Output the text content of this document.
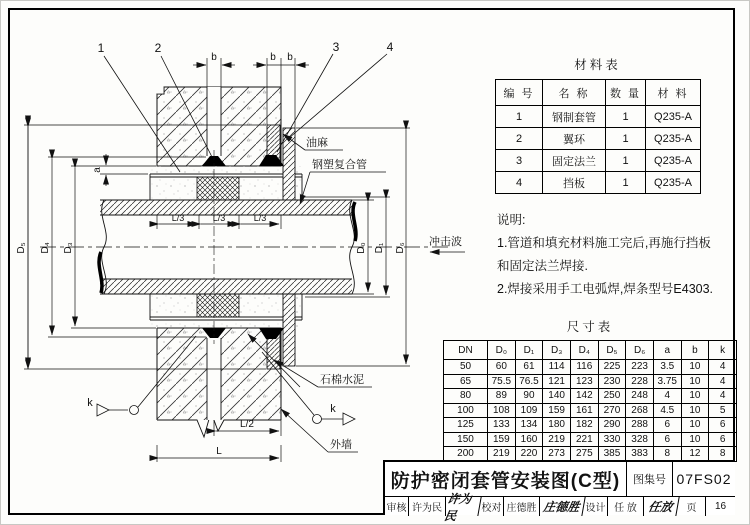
D₅ D₄ D₃
a
D₀ D₁ D₆
L/3	L/3	L/3
L/2
L
b	b b
1	2	3	4
油麻
钢塑复合管
冲击波
石棉水泥
外墙
k	k
材料表
编 号	名 称	数 量	材 料
1	钢制套管	1	Q235-A
2	翼环	1	Q235-A
3	固定法兰	1	Q235-A
4	挡板	1	Q235-A
说明:
1.管道和填充材料施工完后,再施行挡板
和固定法兰焊接.
2.焊接采用手工电弧焊,焊条型号E4303.
尺寸表
DN	D₀	D₁	D₃	D₄	D₅	D₆	a	b	k
50	60	61	114	116	225	223	3.5	10	4
65	75.5	76.5	121	123	230	228	3.75	10	4
80	89	90	140	142	250	248	4	10	4
100	108	109	159	161	270	268	4.5	10	5
125	133	134	180	182	290	288	6	10	6
150	159	160	219	221	330	328	6	10	6
200	219	220	273	275	385	383	8	12	8
防护密闭套管安装图(C型)	图集号 07FS02
审核 许为民
许为民	校对 庄德胜 庄德胜 设计 任 放 任放	页	16
